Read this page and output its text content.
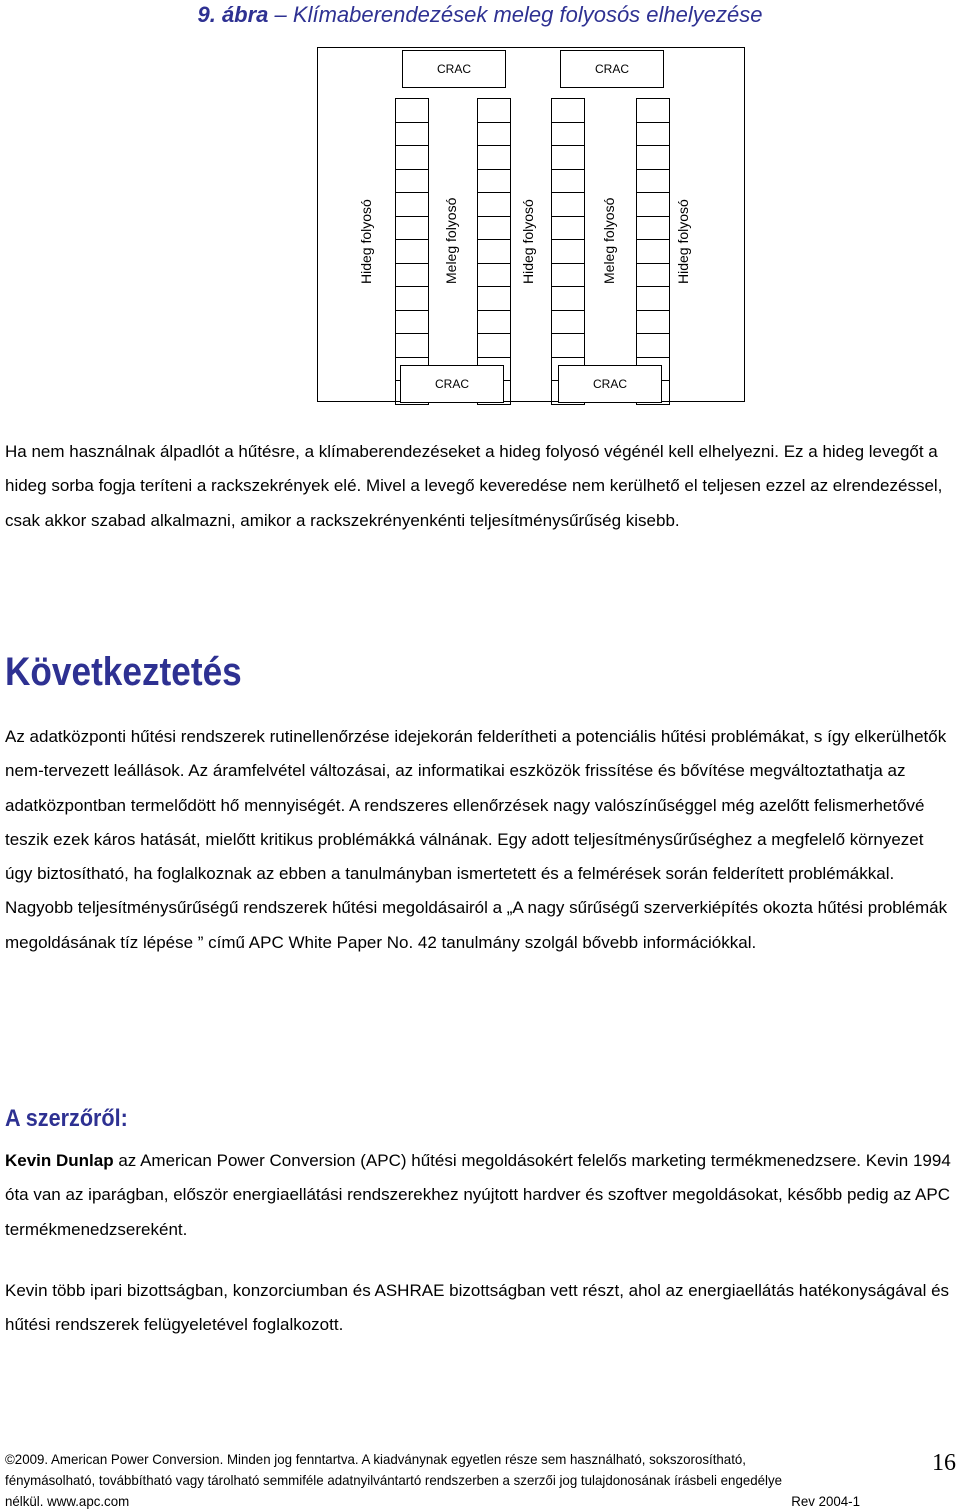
9. ábra – Klímaberendezések meleg folyosós elhelyezése
CRAC	CRAC
Hideg folyosó	Meleg folyosó	Hideg folyosó	Meleg folyosó	Hideg folyosó
CRAC	CRAC
Ha nem használnak álpadlót a hűtésre, a klímaberendezéseket a hideg folyosó végénél kell elhelyezni. Ez a hideg levegőt a hideg sorba fogja teríteni a rackszekrények elé. Mivel a levegő keveredése nem kerülhető el teljesen ezzel az elrendezéssel, csak akkor szabad alkalmazni, amikor a rackszekrényenkénti teljesítménysűrűség kisebb.
Következtetés
Az adatközponti hűtési rendszerek rutinellenőrzése idejekorán felderítheti a potenciális hűtési problémákat, s így elkerülhetők nem-tervezett leállások. Az áramfelvétel változásai, az informatikai eszközök frissítése és bővítése megváltoztathatja az adatközpontban termelődött hő mennyiségét. A rendszeres ellenőrzések nagy valószínűséggel még azelőtt felismerhetővé teszik ezek káros hatását, mielőtt kritikus problémákká válnának. Egy adott teljesítménysűrűséghez a megfelelő környezet úgy biztosítható, ha foglalkoznak az ebben a tanulmányban ismertetett és a felmérések során felderített problémákkal. Nagyobb teljesítménysűrűségű rendszerek hűtési megoldásairól a „A nagy sűrűségű szerverkiépítés okozta hűtési problémák megoldásának tíz lépése ” című APC White Paper No. 42 tanulmány szolgál bővebb információkkal.
A szerzőről:
Kevin Dunlap az American Power Conversion (APC) hűtési megoldásokért felelős marketing termékmenedzsere. Kevin 1994 óta van az iparágban, először energiaellátási rendszerekhez nyújtott hardver és szoftver megoldásokat, később pedig az APC termékmenedzsereként.
Kevin több ipari bizottságban, konzorciumban és ASHRAE bizottságban vett részt, ahol az energiaellátás hatékonyságával és hűtési rendszerek felügyeletével foglalkozott.
©2009. American Power Conversion. Minden jog fenntartva. A kiadványnak egyetlen része sem használható, sokszorosítható,
fénymásolható, továbbítható vagy tárolható semmiféle adatnyilvántartó rendszerben a szerzői jog tulajdonosának írásbeli engedélye
nélkül. www.apc.com	Rev 2004-1
16
